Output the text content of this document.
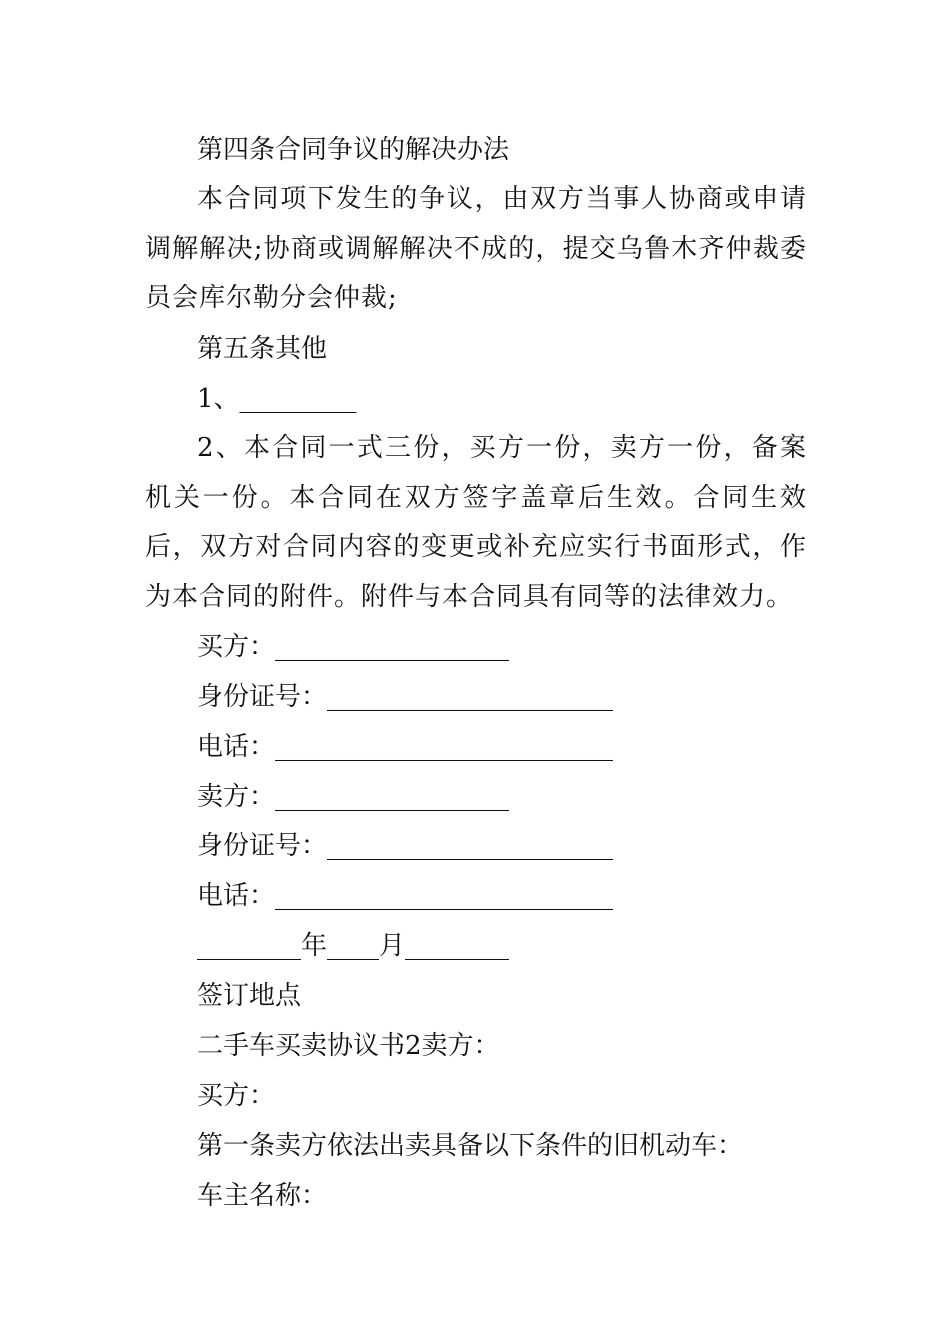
第四条合同争议的解决办法
本合同项下发生的争议，由双方当事人协商或申请调解解决;协商或调解解决不成的，提交乌鲁木齐仲裁委员会库尔勒分会仲裁;
第五条其他
1、_________
2、本合同一式三份，买方一份，卖方一份，备案机关一份。本合同在双方签字盖章后生效。合同生效后，双方对合同内容的变更或补充应实行书面形式，作为本合同的附件。附件与本合同具有同等的法律效力。
买方：__________________
身份证号：______________________
电话：__________________________
卖方：__________________
身份证号：______________________
电话：__________________________
________年____月________
签订地点
二手车买卖协议书2卖方：
买方：
第一条卖方依法出卖具备以下条件的旧机动车：
车主名称：
